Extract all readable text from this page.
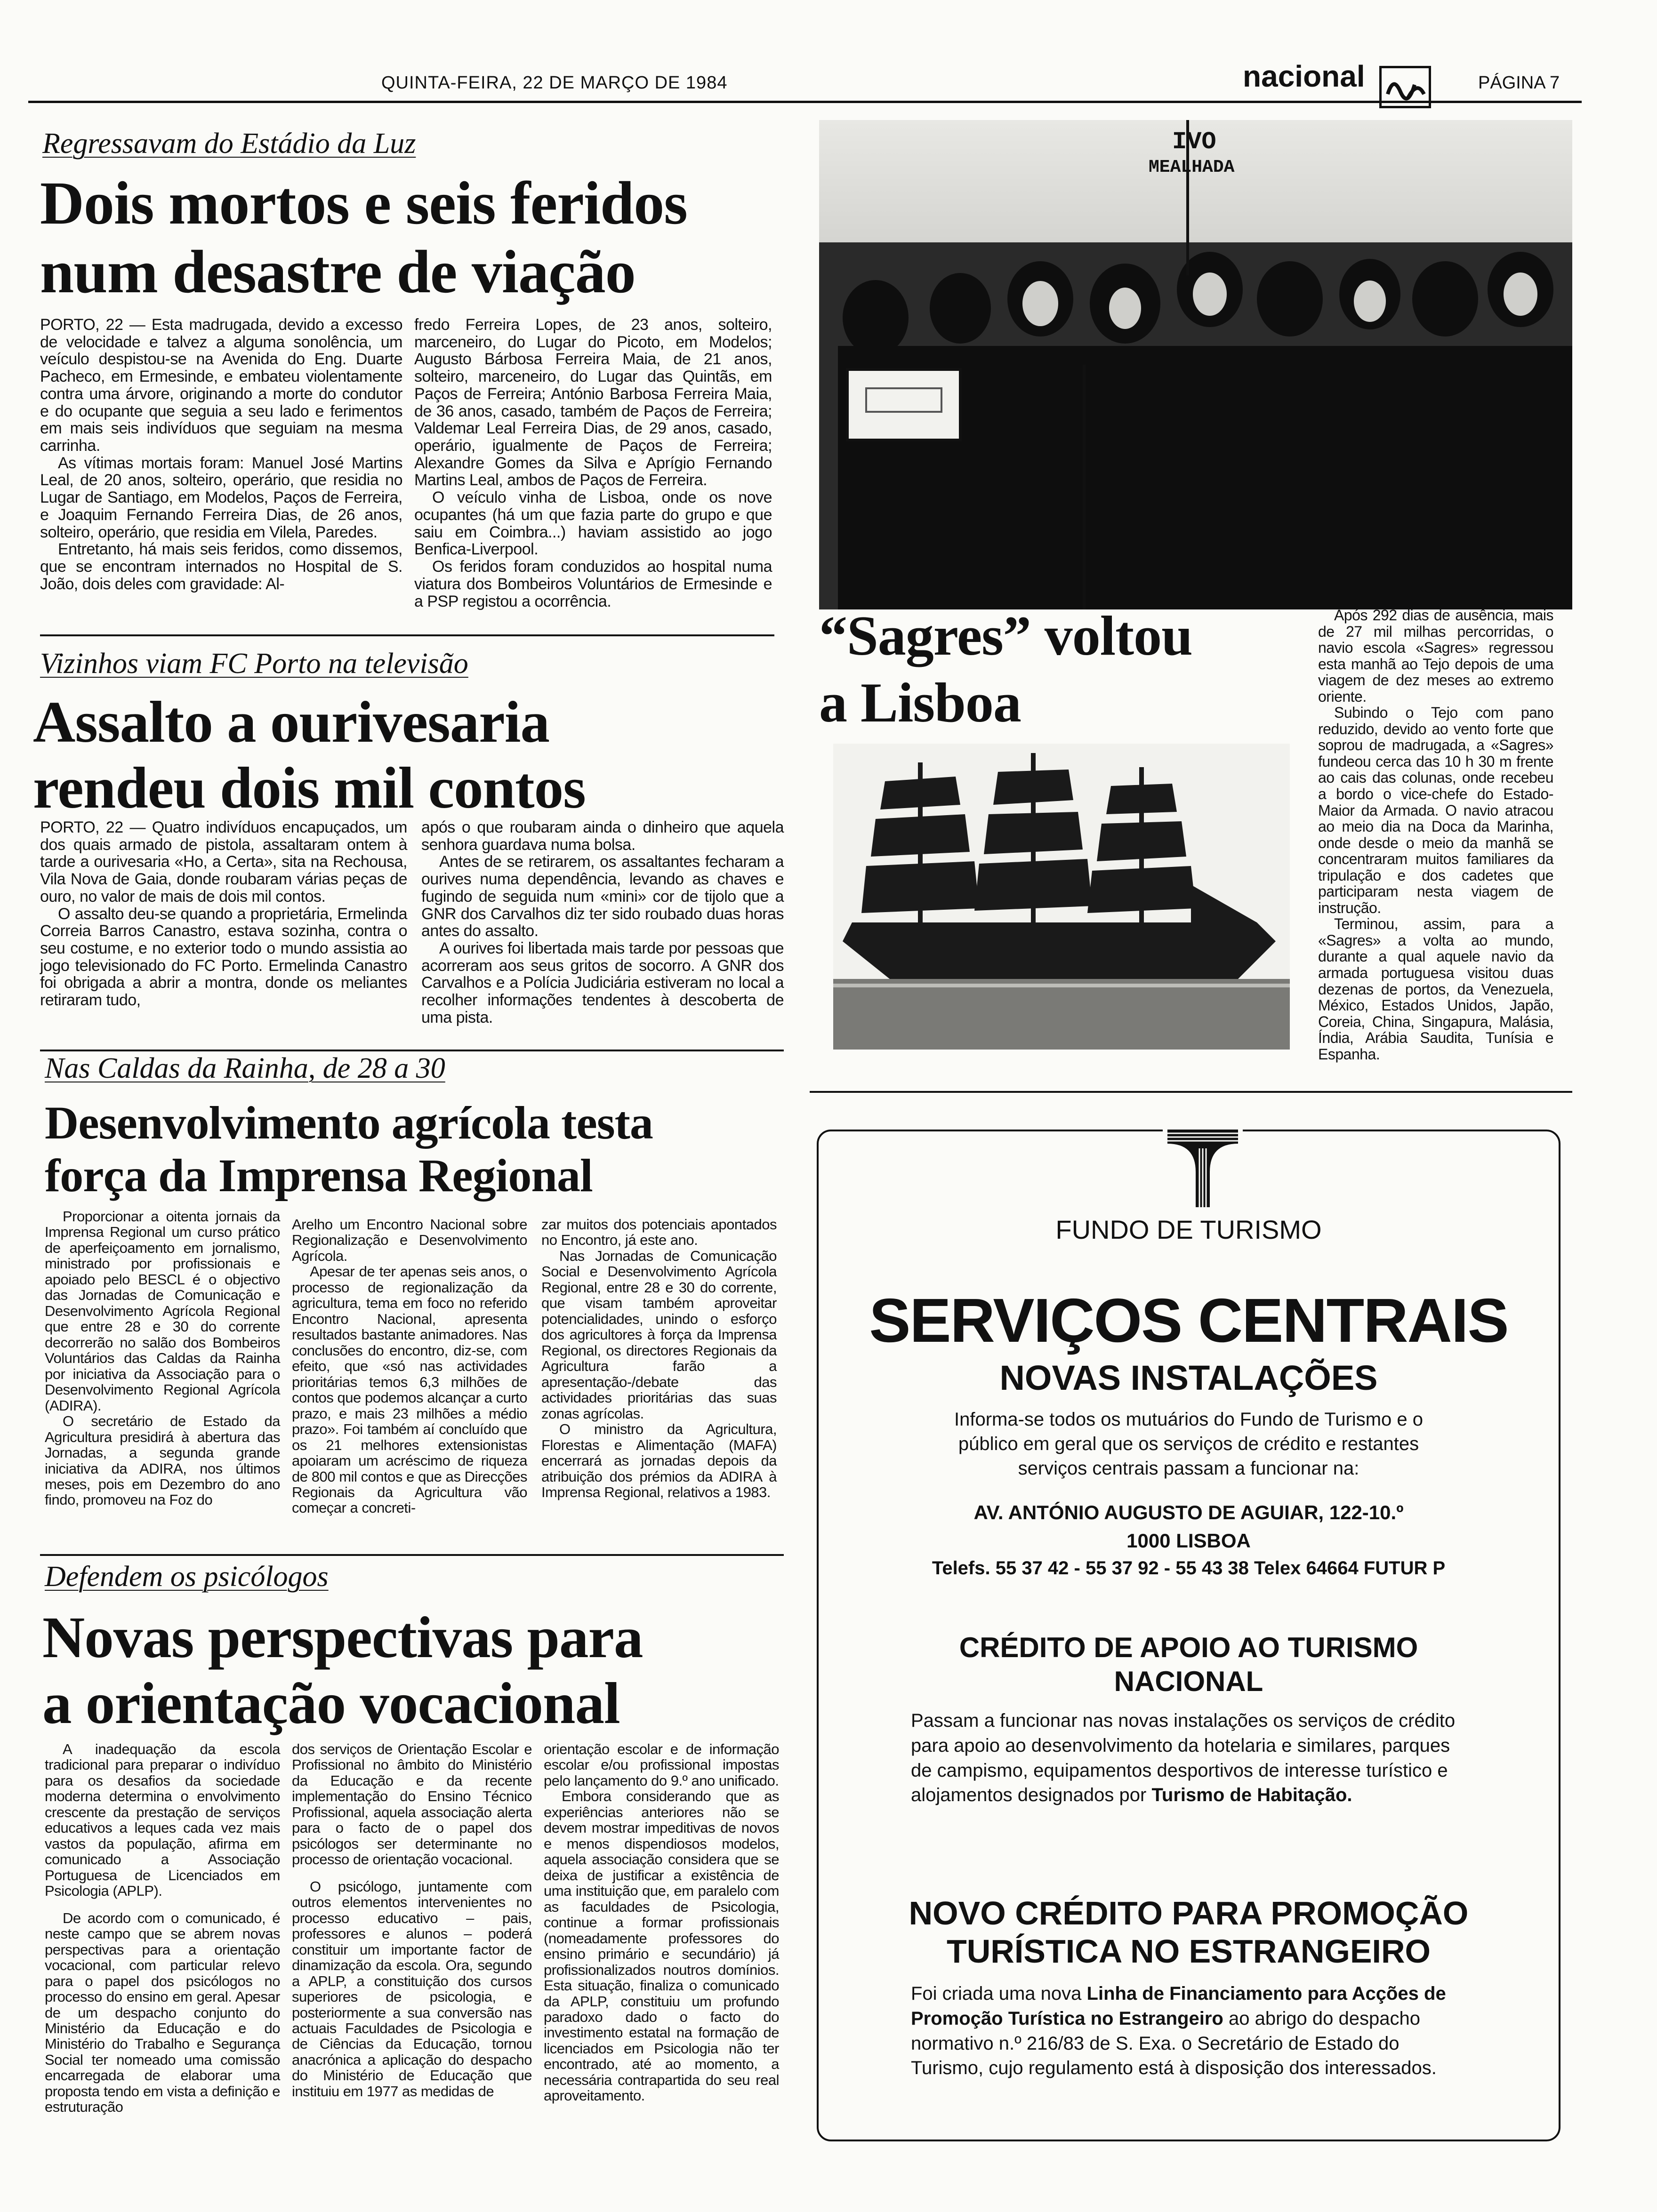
QUINTA-FEIRA, 22 DE MARÇO DE 1984	nacional	PÁGINA 7
Regressavam do Estádio da Luz
Dois mortos e seis feridos
num desastre de viação

PORTO, 22 — Esta madrugada, devido a excesso de velocidade e talvez a alguma sonolência, um veículo despistou-se na Avenida do Eng. Duarte Pacheco, em Ermesinde, e embateu violentamente contra uma árvore, originando a morte do condutor e do ocupante que seguia a seu lado e ferimentos em mais seis indivíduos que seguiam na mesma carrinha.

As vítimas mortais foram: Manuel José Martins Leal, de 20 anos, solteiro, operário, que residia no Lugar de Santiago, em Modelos, Paços de Ferreira, e Joaquim Fernando Ferreira Dias, de 26 anos, solteiro, operário, que residia em Vilela, Paredes.

Entretanto, há mais seis feridos, como dissemos, que se encontram internados no Hospital de S. João, dois deles com gravidade: Al-

fredo Ferreira Lopes, de 23 anos, solteiro, marceneiro, do Lugar do Picoto, em Modelos; Augusto Bárbosa Ferreira Maia, de 21 anos, solteiro, marceneiro, do Lugar das Quintãs, em Paços de Ferreira; António Barbosa Ferreira Maia, de 36 anos, casado, também de Paços de Ferreira; Valdemar Leal Ferreira Dias, de 29 anos, casado, operário, igualmente de Paços de Ferreira; Alexandre Gomes da Silva e Aprígio Fernando Martins Leal, ambos de Paços de Ferreira.

O veículo vinha de Lisboa, onde os nove ocupantes (há um que fazia parte do grupo e que saiu em Coimbra...) haviam assistido ao jogo Benfica-Liverpool.

Os feridos foram conduzidos ao hospital numa viatura dos Bombeiros Voluntários de Ermesinde e a PSP registou a ocorrência.

IVO
MEALHADA
Vizinhos viam FC Porto na televisão
Assalto a ourivesaria
rendeu dois mil contos

PORTO, 22 — Quatro indivíduos encapuçados, um dos quais armado de pistola, assaltaram ontem à tarde a ourivesaria «Ho, a Certa», sita na Rechousa, Vila Nova de Gaia, donde roubaram várias peças de ouro, no valor de mais de dois mil contos.

O assalto deu-se quando a proprietária, Ermelinda Correia Barros Canastro, estava sozinha, contra o seu costume, e no exterior todo o mundo assistia ao jogo televisionado do FC Porto. Ermelinda Canastro foi obrigada a abrir a montra, donde os meliantes retiraram tudo,

após o que roubaram ainda o dinheiro que aquela senhora guardava numa bolsa.

Antes de se retirarem, os assaltantes fecharam a ourives numa dependência, levando as chaves e fugindo de seguida num «mini» cor de tijolo que a GNR dos Carvalhos diz ter sido roubado duas horas antes do assalto.

A ourives foi libertada mais tarde por pessoas que acorreram aos seus gritos de socorro. A GNR dos Carvalhos e a Polícia Judiciária estiveram no local a recolher informações tendentes à descoberta de uma pista.

“Sagres” voltou
a Lisboa

Após 292 dias de ausência, mais de 27 mil milhas percorridas, o navio escola «Sagres» regressou esta manhã ao Tejo depois de uma viagem de dez meses ao extremo oriente.

Subindo o Tejo com pano reduzido, devido ao vento forte que soprou de madrugada, a «Sagres» fundeou cerca das 10 h 30 m frente ao cais das colunas, onde recebeu a bordo o vice-chefe do Estado-Maior da Armada. O navio atracou ao meio dia na Doca da Marinha, onde desde o meio da manhã se concentraram muitos familiares da tripulação e dos cadetes que participaram nesta viagem de instrução.

Terminou, assim, para a «Sagres» a volta ao mundo, durante a qual aquele navio da armada portuguesa visitou duas dezenas de portos, da Venezuela, México, Estados Unidos, Japão, Coreia, China, Singapura, Malásia, Índia, Arábia Saudita, Tunísia e Espanha.

Nas Caldas da Rainha, de 28 a 30
Desenvolvimento agrícola testa
força da Imprensa Regional

Proporcionar a oitenta jornais da Imprensa Regional um curso prático de aperfeiçoamento em jornalismo, ministrado por profissionais e apoiado pelo BESCL é o objectivo das Jornadas de Comunicação e Desenvolvimento Agrícola Regional que entre 28 e 30 do corrente decorrerão no salão dos Bombeiros Voluntários das Caldas da Rainha por iniciativa da Associação para o Desenvolvimento Regional Agrícola (ADIRA).

O secretário de Estado da Agricultura presidirá à abertura das Jornadas, a segunda grande iniciativa da ADIRA, nos últimos meses, pois em Dezembro do ano findo, promoveu na Foz do

Arelho um Encontro Nacional sobre Regionalização e Desenvolvimento Agrícola.

Apesar de ter apenas seis anos, o processo de regionalização da agricultura, tema em foco no referido Encontro Nacional, apresenta resultados bastante animadores. Nas conclusões do encontro, diz-se, com efeito, que «só nas actividades prioritárias temos 6,3 milhões de contos que podemos alcançar a curto prazo, e mais 23 milhões a médio prazo». Foi também aí concluído que os 21 melhores extensionistas apoiaram um acréscimo de riqueza de 800 mil contos e que as Direcções Regionais da Agricultura vão começar a concreti-

zar muitos dos potenciais apontados no Encontro, já este ano.

Nas Jornadas de Comunicação Social e Desenvolvimento Agrícola Regional, entre 28 e 30 do corrente, que visam também aproveitar potencialidades, unindo o esforço dos agricultores à força da Imprensa Regional, os directores Regionais da Agricultura farão a apresentação-/debate das actividades prioritárias das suas zonas agrícolas.

O ministro da Agricultura, Florestas e Alimentação (MAFA) encerrará as jornadas depois da atribuição dos prémios da ADIRA à Imprensa Regional, relativos a 1983.

Defendem os psicólogos
Novas perspectivas para
a orientação vocacional

A inadequação da escola tradicional para preparar o indivíduo para os desafios da sociedade moderna determina o envolvimento crescente da prestação de serviços educativos a leques cada vez mais vastos da população, afirma em comunicado a Associação Portuguesa de Licenciados em Psicologia (APLP).

De acordo com o comunicado, é neste campo que se abrem novas perspectivas para a orientação vocacional, com particular relevo para o papel dos psicólogos no processo do ensino em geral. Apesar de um despacho conjunto do Ministério da Educação e do Ministério do Trabalho e Segurança Social ter nomeado uma comissão encarregada de elaborar uma proposta tendo em vista a definição e estruturação

dos serviços de Orientação Escolar e Profissional no âmbito do Ministério da Educação e da recente implementação do Ensino Técnico Profissional, aquela associação alerta para o facto de o papel dos psicólogos ser determinante no processo de orientação vocacional.

O psicólogo, juntamente com outros elementos intervenientes no processo educativo – pais, professores e alunos – poderá constituir um importante factor de dinamização da escola. Ora, segundo a APLP, a constituição dos cursos superiores de psicologia, e posteriormente a sua conversão nas actuais Faculdades de Psicologia e de Ciências da Educação, tornou anacrónica a aplicação do despacho do Ministério de Educação que instituiu em 1977 as medidas de

orientação escolar e de informação escolar e/ou profissional impostas pelo lançamento do 9.º ano unificado.

Embora considerando que as experiências anteriores não se devem mostrar impeditivas de novos e menos dispendiosos modelos, aquela associação considera que se deixa de justificar a existência de uma instituição que, em paralelo com as faculdades de Psicologia, continue a formar profissionais (nomeadamente professores do ensino primário e secundário) já profissionalizados noutros domínios. Esta situação, finaliza o comunicado da APLP, constituiu um profundo paradoxo dado o facto do investimento estatal na formação de licenciados em Psicologia não ter encontrado, até ao momento, a necessária contrapartida do seu real aproveitamento.

FUNDO DE TURISMO
SERVIÇOS CENTRAIS
NOVAS INSTALAÇÕES
Informa-se todos os mutuários do Fundo de Turismo e o público em geral que os serviços de crédito e restantes serviços centrais passam a funcionar na:
AV. ANTÓNIO AUGUSTO DE AGUIAR, 122-10.º
1000 LISBOA
Telefs. 55 37 42 - 55 37 92 - 55 43 38 Telex 64664 FUTUR P
CRÉDITO DE APOIO AO TURISMO
NACIONAL
Passam a funcionar nas novas instalações os serviços de crédito para apoio ao desenvolvimento da hotelaria e similares, parques de campismo, equipamentos desportivos de interesse turístico e alojamentos designados por Turismo de Habitação.
NOVO CRÉDITO PARA PROMOÇÃO
TURÍSTICA NO ESTRANGEIRO
Foi criada uma nova Linha de Financiamento para Acções de Promoção Turística no Estrangeiro ao abrigo do despacho normativo n.º 216/83 de S. Exa. o Secretário de Estado do Turismo, cujo regulamento está à disposição dos interessados.
